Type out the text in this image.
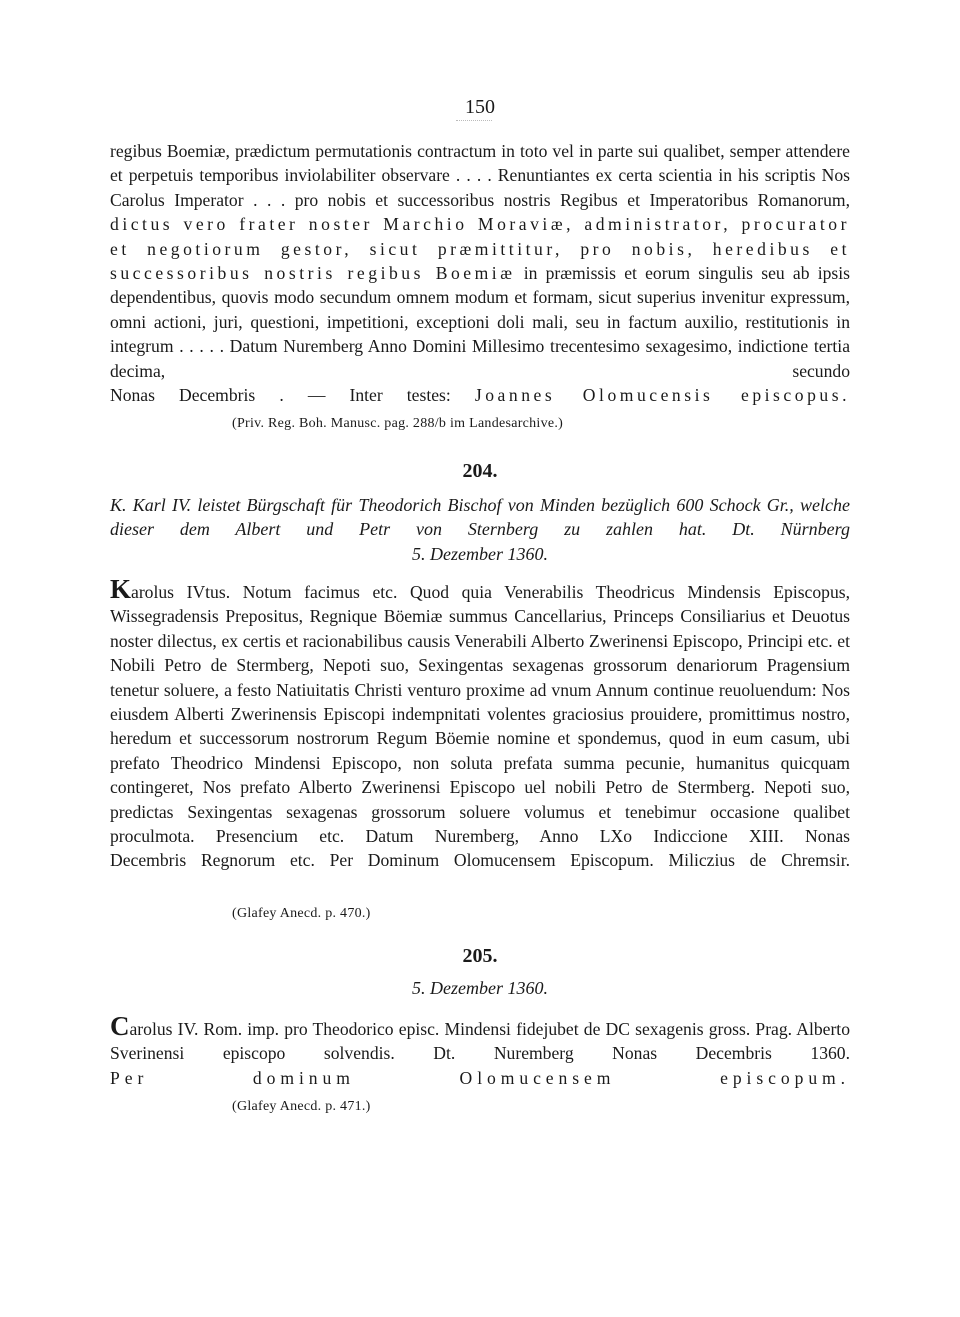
150

regibus Boemiæ, prædictum permutationis contractum in toto vel in parte sui qualibet, semper attendere et perpetuis temporibus inviolabiliter observare . . . . Renuntiantes ex certa scientia in his scriptis Nos Carolus Imperator . . . pro nobis et successoribus nostris Regibus et Imperatoribus Romanorum, dictus vero frater noster Marchio Moraviæ, administrator, procurator et negotiorum gestor, sicut præmittitur, pro nobis, heredibus et successoribus nostris regibus Boemiæ in præmissis et eorum singulis seu ab ipsis dependentibus, quovis modo secundum omnem modum et formam, sicut superius invenitur expressum, omni actioni, juri, questioni, impetitioni, exceptioni doli mali, seu in factum auxilio, restitutionis in integrum . . . . . Datum Nuremberg Anno Domini Millesimo trecentesimo sexagesimo, indictione tertia decima, secundo
Nonas Decembris . — Inter testes: Joannes Olomucensis episcopus.

(Priv. Reg. Boh. Manusc. pag. 288/b im Landesarchive.)

204.

K. Karl IV. leistet Bürgschaft für Theodorich Bischof von Minden bezüglich 600 Schock Gr., welche dieser dem Albert und Petr von Sternberg zu zahlen hat. Dt. Nürnberg
5. Dezember 1360.

Karolus IVtus. Notum facimus etc. Quod quia Venerabilis Theodricus Mindensis Episcopus, Wissegradensis Prepositus, Regnique Böemiæ summus Cancellarius, Princeps Consiliarius et Deuotus noster dilectus, ex certis et racionabilibus causis Venerabili Alberto Zwerinensi Episcopo, Principi etc. et Nobili Petro de Stermberg, Nepoti suo, Sexingentas sexagenas grossorum denariorum Pragensium tenetur soluere, a festo Natiuitatis Christi venturo proxime ad vnum Annum continue reuoluendum: Nos eiusdem Alberti Zwerinensis Episcopi indempnitati volentes graciosius prouidere, promittimus nostro, heredum et successorum nostrorum Regum Böemie nomine et spondemus, quod in eum casum, ubi prefato Theodrico Mindensi Episcopo, non soluta prefata summa pecunie, humanitus quicquam contingeret, Nos prefato Alberto Zwerinensi Episcopo uel nobili Petro de Stermberg. Nepoti suo, predictas Sexingentas sexagenas grossorum soluere volumus et tenebimur occasione qualibet proculmota. Presencium etc. Datum Nuremberg, Anno LXo Indiccione XIII. Nonas
Decembris Regnorum etc. Per Dominum Olomucensem Episcopum. Miliczius de Chremsir.

(Glafey Anecd. p. 470.)

205.

5. Dezember 1360.

Carolus IV. Rom. imp. pro Theodorico episc. Mindensi fidejubet de DC sexagenis gross. Prag. Alberto Sverinensi episcopo solvendis. Dt. Nuremberg Nonas Decembris 1360.
Per dominum Olomucensem episcopum.

(Glafey Anecd. p. 471.)
